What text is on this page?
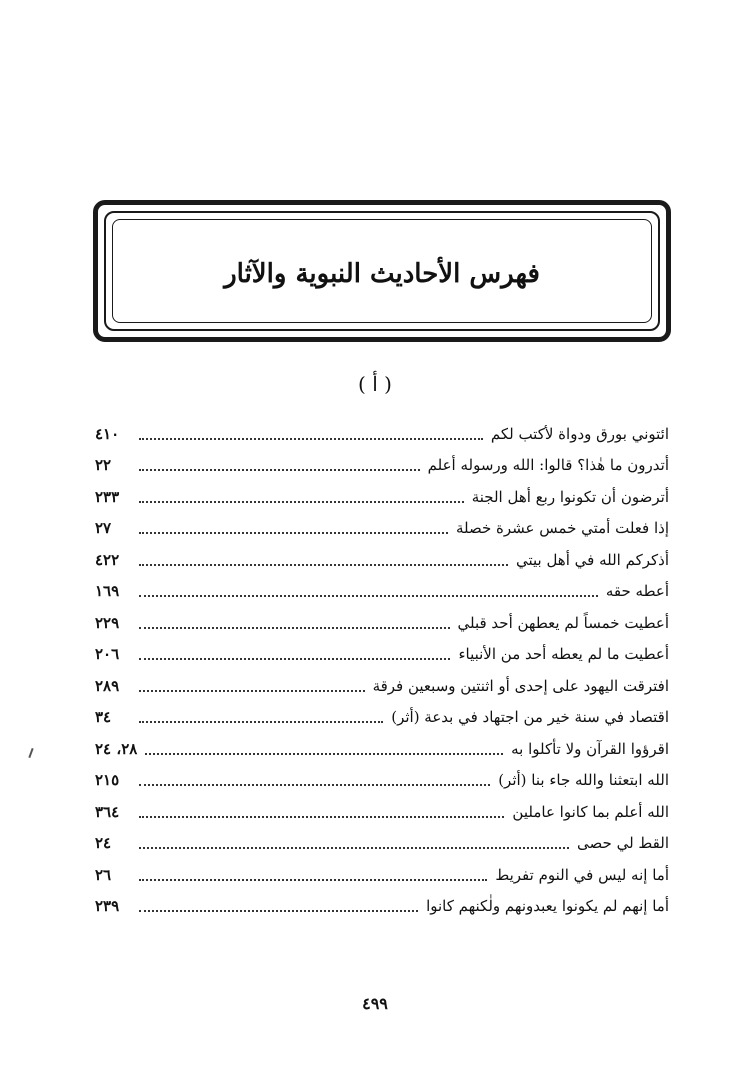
فهرس الأحاديث النبوية والآثار
( أ )
ائتوني بورق ودواة لأكتب لكم
٤١٠
أتدرون ما هٰذا؟ قالوا: الله ورسوله أعلم
٢٢
أترضون أن تكونوا ربع أهل الجنة
٢٣٣
إذا فعلت أمتي خمس عشرة خصلة
٢٧
أذكركم الله في أهل بيتي
٤٢٢
أعطه حقه
١٦٩
أعطيت خمساً لم يعطهن أحد قبلي
٢٢٩
أعطيت ما لم يعطه أحد من الأنبياء
٢٠٦
افترقت اليهود على إحدى أو اثنتين وسبعين فرقة
٢٨٩
اقتصاد في سنة خير من اجتهاد في بدعة (أثر)
٣٤
اقرؤوا القرآن ولا تأكلوا به
٢٨، ٢٤
الله ابتعثنا والله جاء بنا (أثر)
٢١٥
الله أعلم بما كانوا عاملين
٣٦٤
القط لي حصى
٢٤
أما إنه ليس في النوم تفريط
٢٦
أما إنهم لم يكونوا يعبدونهم ولٰكنهم كانوا
٢٣٩
٤٩٩
